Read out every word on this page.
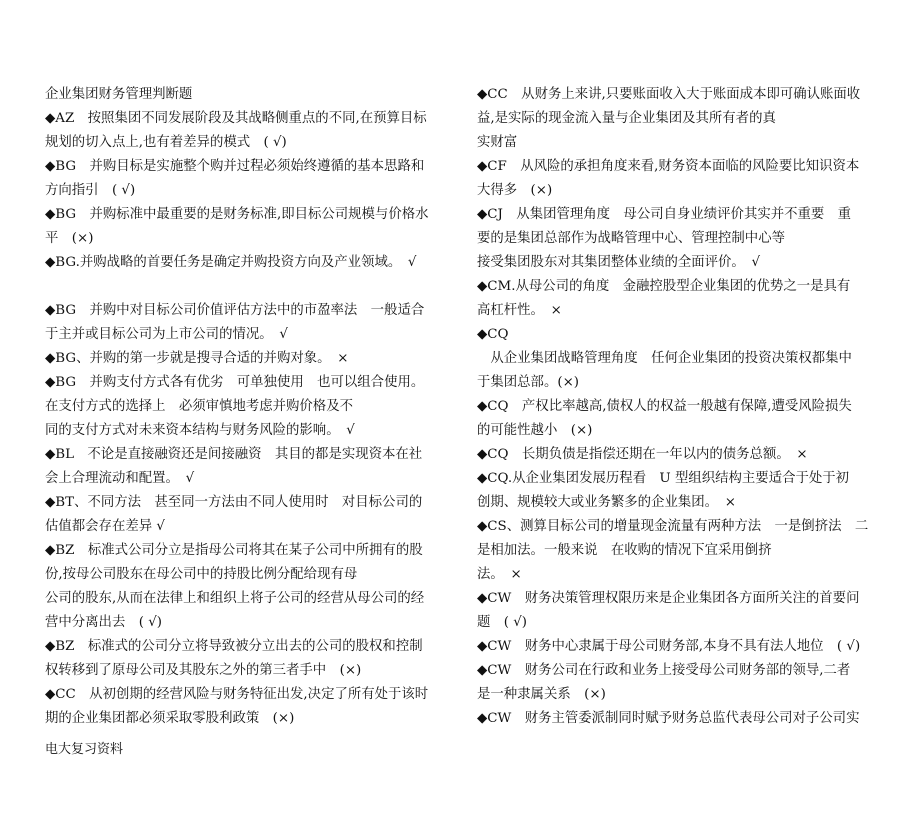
企业集团财务管理判断题
◆AZ　按照集团不同发展阶段及其战略侧重点的不同,在预算目标
规划的切入点上,也有着差异的模式　( √)
◆BG　并购目标是实施整个购并过程必须始终遵循的基本思路和
方向指引　( √)
◆BG　并购标准中最重要的是财务标准,即目标公司规模与价格水
平　(×)
◆BG.并购战略的首要任务是确定并购投资方向及产业领域。　√
◆BG　并购中对目标公司价值评估方法中的市盈率法　一般适合
于主并或目标公司为上市公司的情况。　√
◆BG、并购的第一步就是搜寻合适的并购对象。　×
◆BG　并购支付方式各有优劣　可单独使用　也可以组合使用。
在支付方式的选择上　必须审慎地考虑并购价格及不
同的支付方式对未来资本结构与财务风险的影响。　√
◆BL　不论是直接融资还是间接融资　其目的都是实现资本在社
会上合理流动和配置。　√
◆BT、不同方法　甚至同一方法由不同人使用时　对目标公司的
估值都会存在差异 √
◆BZ　标准式公司分立是指母公司将其在某子公司中所拥有的股
份,按母公司股东在母公司中的持股比例分配给现有母
公司的股东,从而在法律上和组织上将子公司的经营从母公司的经
营中分离出去　( √)
◆BZ　标准式的公司分立将导致被分立出去的公司的股权和控制
权转移到了原母公司及其股东之外的第三者手中　(×)
◆CC　从初创期的经营风险与财务特征出发,决定了所有处于该时
期的企业集团都必须采取零股利政策　(×)
◆CC　从财务上来讲,只要账面收入大于账面成本即可确认账面收
益,是实际的现金流入量与企业集团及其所有者的真
实财富
◆CF　从风险的承担角度来看,财务资本面临的风险要比知识资本
大得多　(×)
◆CJ　从集团管理角度　母公司自身业绩评价其实并不重要　重
要的是集团总部作为战略管理中心、管理控制中心等
接受集团股东对其集团整体业绩的全面评价。　√
◆CM.从母公司的角度　金融控股型企业集团的优势之一是具有
高杠杆性。　×
◆CQ
　从企业集团战略管理角度　任何企业集团的投资决策权都集中
于集团总部。(×)
◆CQ　产权比率越高,债权人的权益一般越有保障,遭受风险损失
的可能性越小　(×)
◆CQ　长期负债是指偿还期在一年以内的债务总额。　×
◆CQ.从企业集团发展历程看　U 型组织结构主要适合于处于初
创期、规模较大或业务繁多的企业集团。　×
◆CS、测算目标公司的增量现金流量有两种方法　一是倒挤法　二
是相加法。一般来说　在收购的情况下宜采用倒挤
法。　×
◆CW　财务决策管理权限历来是企业集团各方面所关注的首要问
题　( √)
◆CW　财务中心隶属于母公司财务部,本身不具有法人地位　( √)
◆CW　财务公司在行政和业务上接受母公司财务部的领导,二者
是一种隶属关系　(×)
◆CW　财务主管委派制同时赋予财务总监代表母公司对子公司实
电大复习资料
